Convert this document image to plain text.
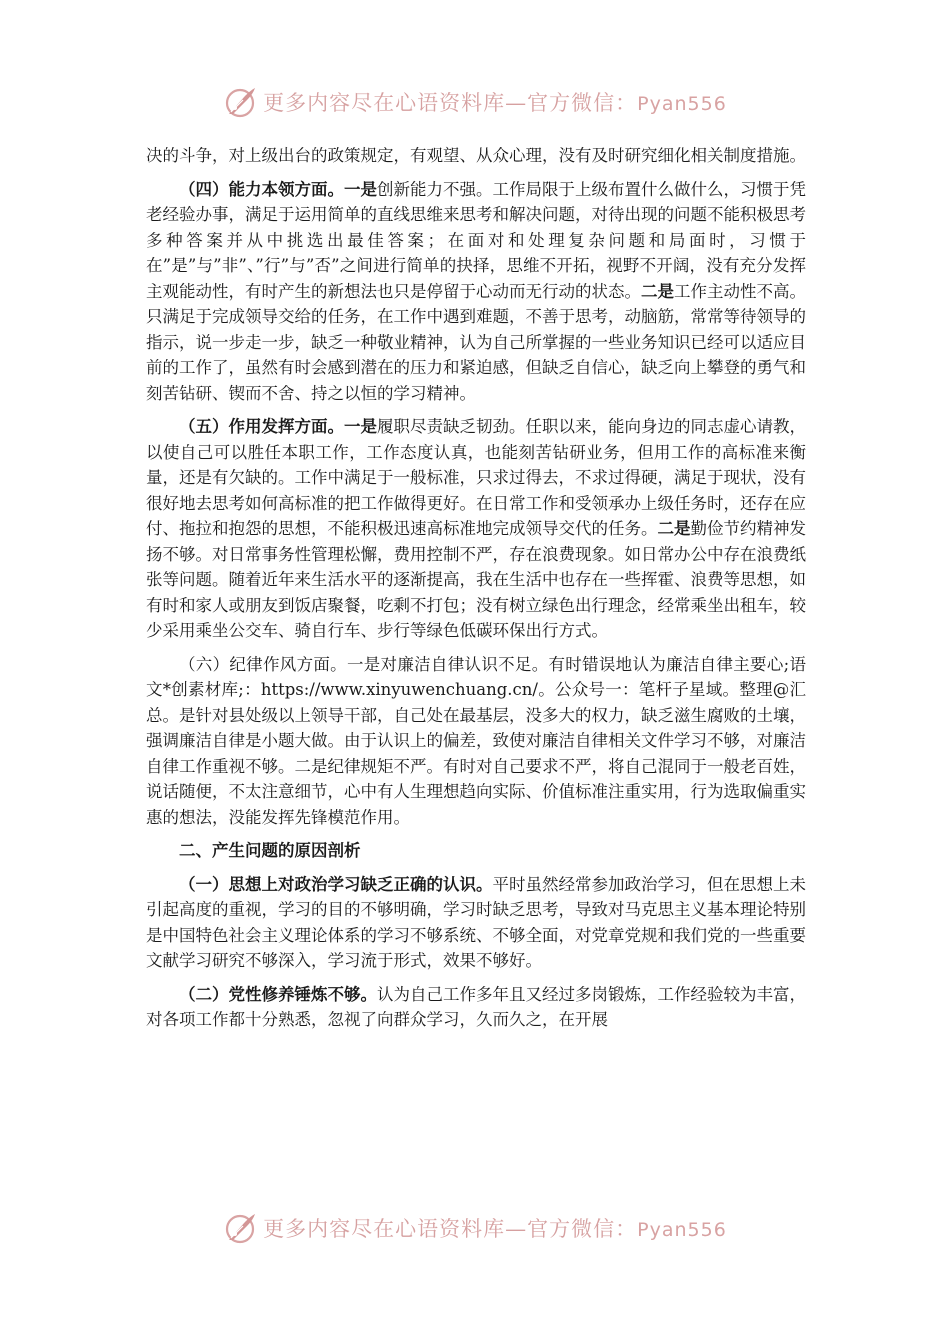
更多内容尽在心语资料库—官方微信：Pyan556

决的斗争，对上级出台的政策规定，有观望、从众心理，没有及时研究细化相关制度措施。

（四）能力本领方面。一是创新能力不强。工作局限于上级布置什么做什么，习惯于凭老经验办事，满足于运用简单的直线思维来思考和解决问题，对待出现的问题不能积极思考多种答案并从中挑选出最佳答案；在面对和处理复杂问题和局面时，习惯于在”是”与”非”、”行”与”否”之间进行简单的抉择，思维不开拓，视野不开阔，没有充分发挥主观能动性，有时产生的新想法也只是停留于心动而无行动的状态。二是工作主动性不高。只满足于完成领导交给的任务，在工作中遇到难题，不善于思考，动脑筋，常常等待领导的指示，说一步走一步，缺乏一种敬业精神，认为自己所掌握的一些业务知识已经可以适应目前的工作了，虽然有时会感到潜在的压力和紧迫感，但缺乏自信心，缺乏向上攀登的勇气和刻苦钻研、锲而不舍、持之以恒的学习精神。

（五）作用发挥方面。一是履职尽责缺乏韧劲。任职以来，能向身边的同志虚心请教，以使自己可以胜任本职工作，工作态度认真，也能刻苦钻研业务，但用工作的高标准来衡量，还是有欠缺的。工作中满足于一般标准，只求过得去，不求过得硬，满足于现状，没有很好地去思考如何高标准的把工作做得更好。在日常工作和受领承办上级任务时，还存在应付、拖拉和抱怨的思想，不能积极迅速高标准地完成领导交代的任务。二是勤俭节约精神发扬不够。对日常事务性管理松懈，费用控制不严，存在浪费现象。如日常办公中存在浪费纸张等问题。随着近年来生活水平的逐渐提高，我在生活中也存在一些挥霍、浪费等思想，如有时和家人或朋友到饭店聚餐，吃剩不打包；没有树立绿色出行理念，经常乘坐出租车，较少采用乘坐公交车、骑自行车、步行等绿色低碳环保出行方式。

（六）纪律作风方面。一是对廉洁自律认识不足。有时错误地认为廉洁自律主要心;语文*创素材库;：https://www.xinyuwenchuang.cn/。公众号一：笔杆子星域。整理@汇总。是针对县处级以上领导干部，自己处在最基层，没多大的权力，缺乏滋生腐败的土壤，强调廉洁自律是小题大做。由于认识上的偏差，致使对廉洁自律相关文件学习不够，对廉洁自律工作重视不够。二是纪律规矩不严。有时对自己要求不严，将自己混同于一般老百姓，说话随便，不太注意细节，心中有人生理想趋向实际、价值标准注重实用，行为选取偏重实惠的想法，没能发挥先锋模范作用。

二、产生问题的原因剖析

（一）思想上对政治学习缺乏正确的认识。平时虽然经常参加政治学习，但在思想上未引起高度的重视，学习的目的不够明确，学习时缺乏思考，导致对马克思主义基本理论特别是中国特色社会主义理论体系的学习不够系统、不够全面，对党章党规和我们党的一些重要文献学习研究不够深入，学习流于形式，效果不够好。

（二）党性修养锤炼不够。认为自己工作多年且又经过多岗锻炼，工作经验较为丰富，对各项工作都十分熟悉，忽视了向群众学习，久而久之，在开展

更多内容尽在心语资料库—官方微信：Pyan556
